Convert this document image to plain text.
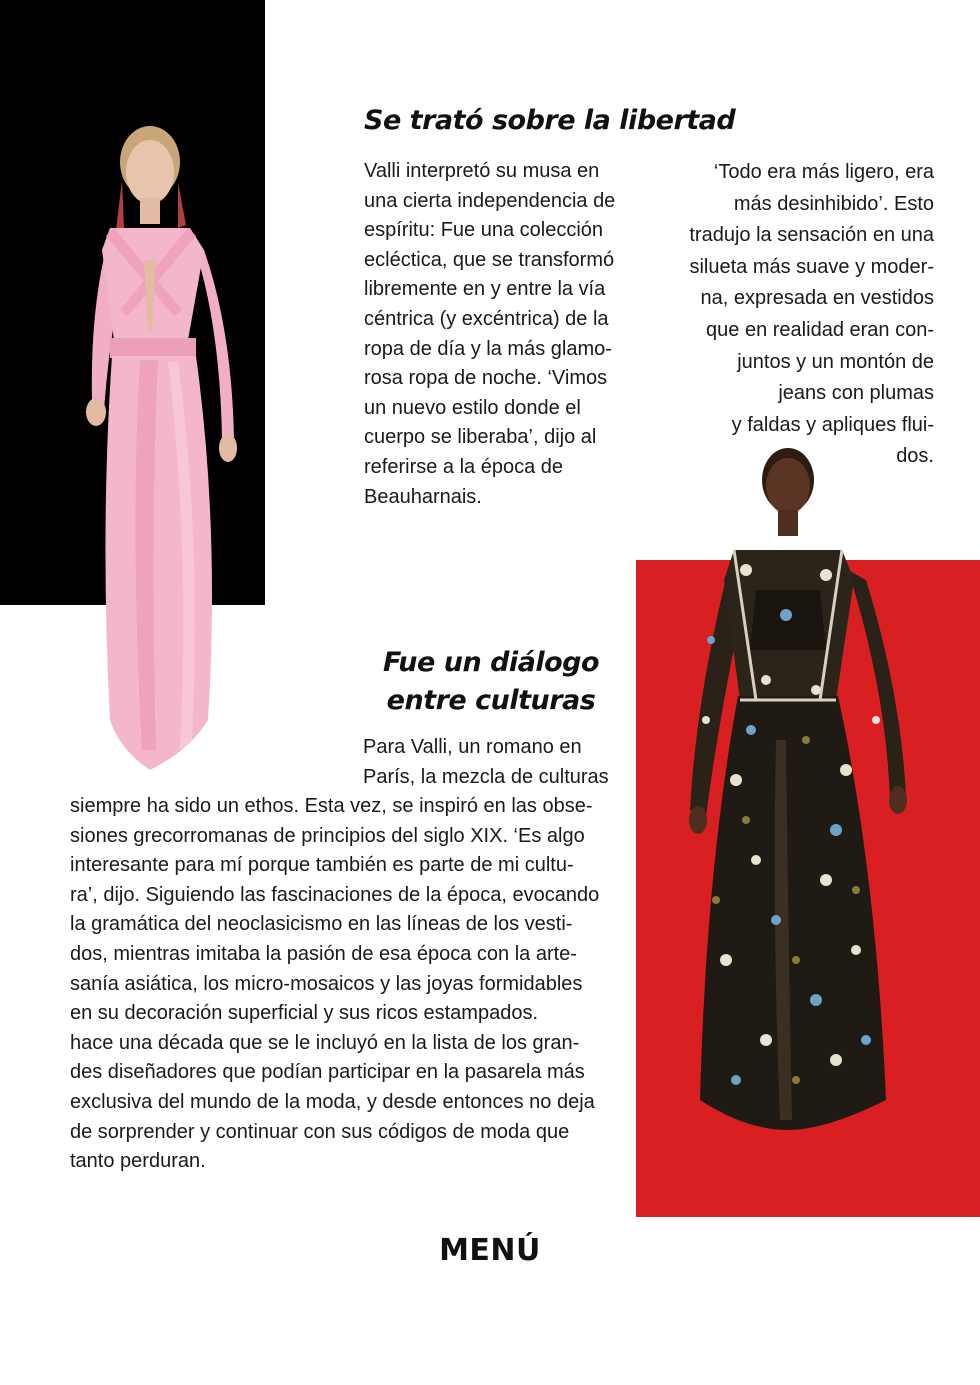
Se trató sobre la libertad

Valli interpretó su musa en
una cierta independencia de
espíritu: Fue una colección
ecléctica, que se transformó
libremente en y entre la vía
céntrica (y excéntrica) de la
ropa de día y la más glamo-
rosa ropa de noche. ‘Vimos
un nuevo estilo donde el
cuerpo se liberaba’, dijo al
referirse a la época de
Beauharnais.

‘Todo era más ligero, era
más desinhibido’. Esto
tradujo la sensación en una
silueta más suave y moder-
na, expresada en vestidos
que en realidad eran con-
juntos y un montón de
jeans con plumas
y faldas y apliques flui-
dos.

Fue un diálogo entre culturas

Para Valli, un romano en
París, la mezcla de culturas

siempre ha sido un ethos. Esta vez, se inspiró en las obse-
siones grecorromanas de principios del siglo XIX. ‘Es algo
interesante para mí porque también es parte de mi cultu-
ra’, dijo. Siguiendo las fascinaciones de la época, evocando
la gramática del neoclasicismo en las líneas de los vesti-
dos, mientras imitaba la pasión de esa época con la arte-
sanía asiática, los micro-mosaicos y las joyas formidables
en su decoración superficial y sus ricos estampados.
hace una década que se le incluyó en la lista de los gran-
des diseñadores que podían participar en la pasarela más
exclusiva del mundo de la moda, y desde entonces no deja
de sorprender y continuar con sus códigos de moda que
tanto perduran.

MENÚ
